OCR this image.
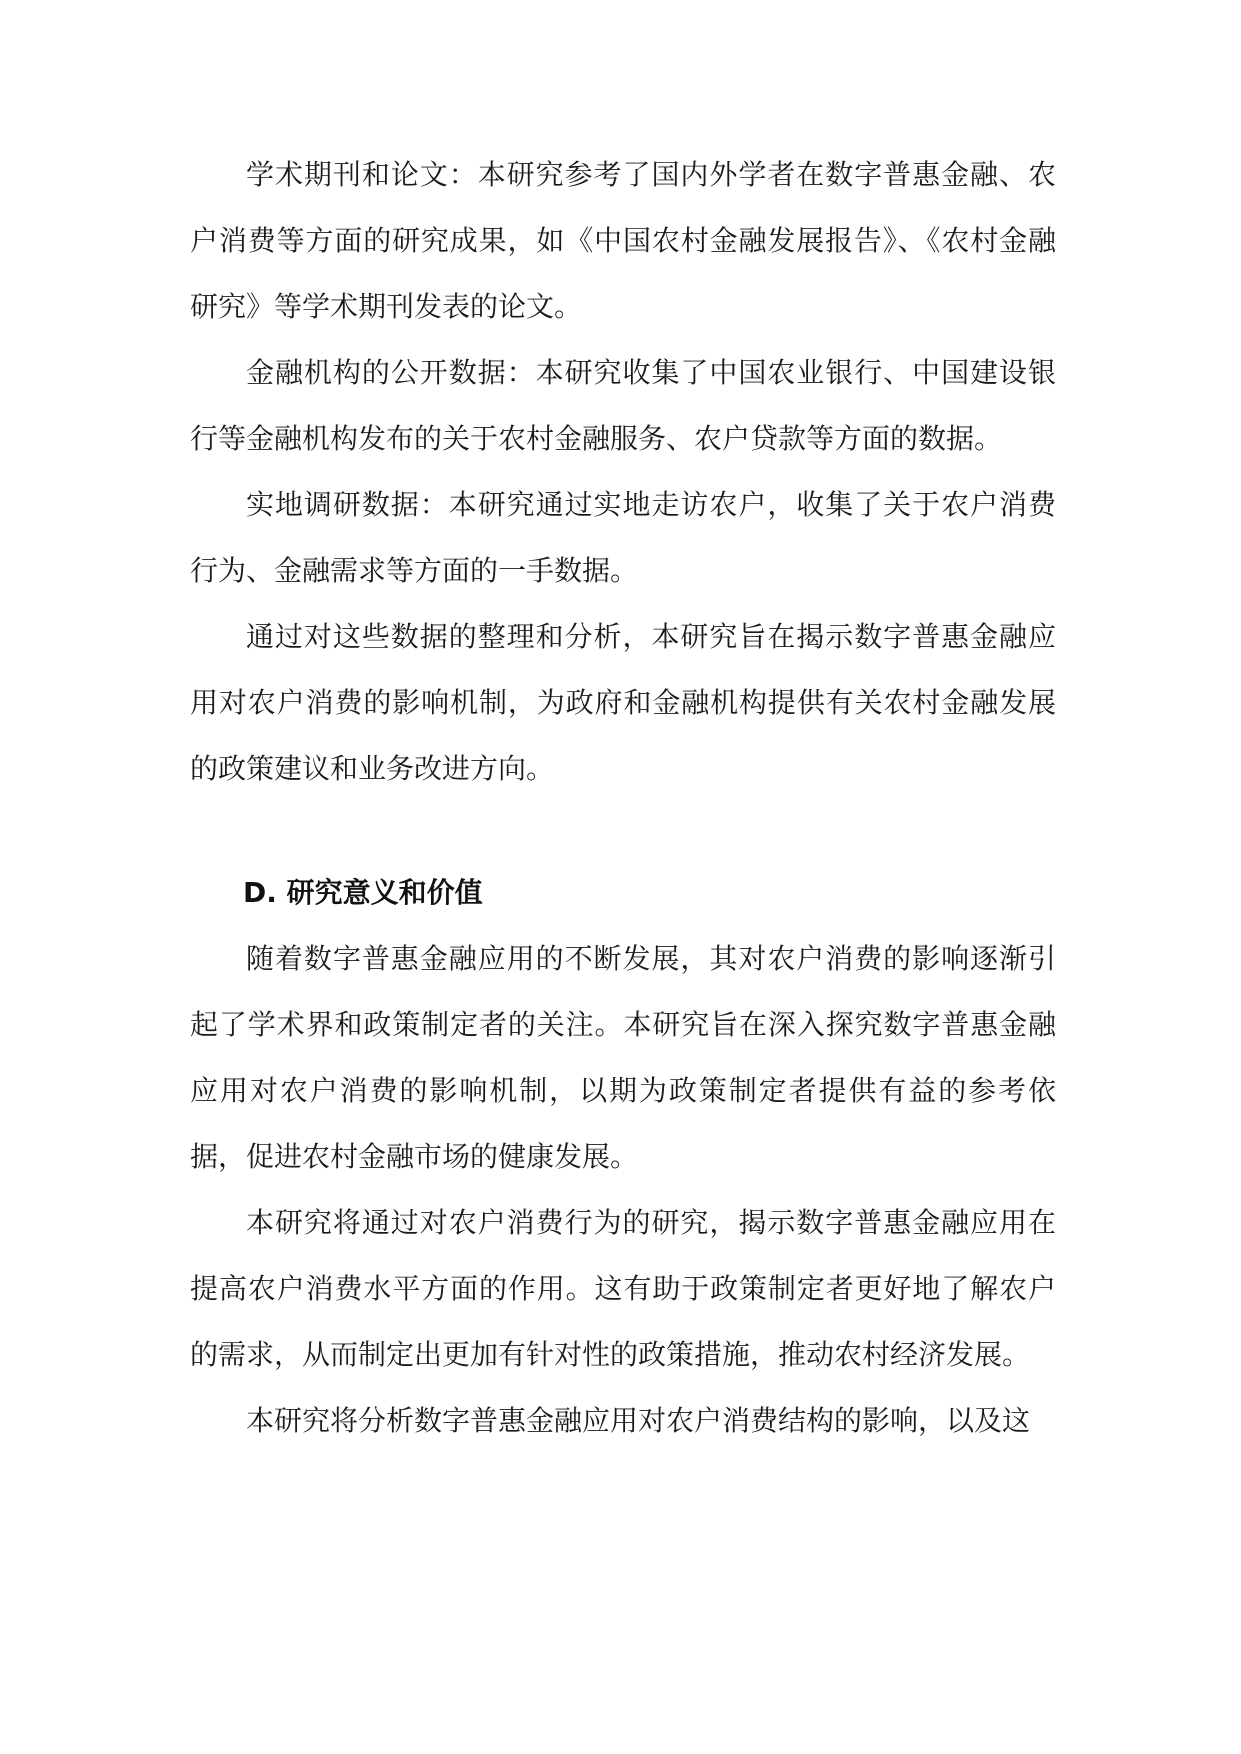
学术期刊和论文：本研究参考了国内外学者在数字普惠金融、农户消费等方面的研究成果，如《中国农村金融发展报告》、《农村金融研究》等学术期刊发表的论文。

金融机构的公开数据：本研究收集了中国农业银行、中国建设银行等金融机构发布的关于农村金融服务、农户贷款等方面的数据。

实地调研数据：本研究通过实地走访农户，收集了关于农户消费行为、金融需求等方面的一手数据。

通过对这些数据的整理和分析，本研究旨在揭示数字普惠金融应用对农户消费的影响机制，为政府和金融机构提供有关农村金融发展的政策建议和业务改进方向。

D. 研究意义和价值

随着数字普惠金融应用的不断发展，其对农户消费的影响逐渐引起了学术界和政策制定者的关注。本研究旨在深入探究数字普惠金融应用对农户消费的影响机制，以期为政策制定者提供有益的参考依据，促进农村金融市场的健康发展。

本研究将通过对农户消费行为的研究，揭示数字普惠金融应用在提高农户消费水平方面的作用。这有助于政策制定者更好地了解农户的需求，从而制定出更加有针对性的政策措施，推动农村经济发展。

本研究将分析数字普惠金融应用对农户消费结构的影响，以及这
